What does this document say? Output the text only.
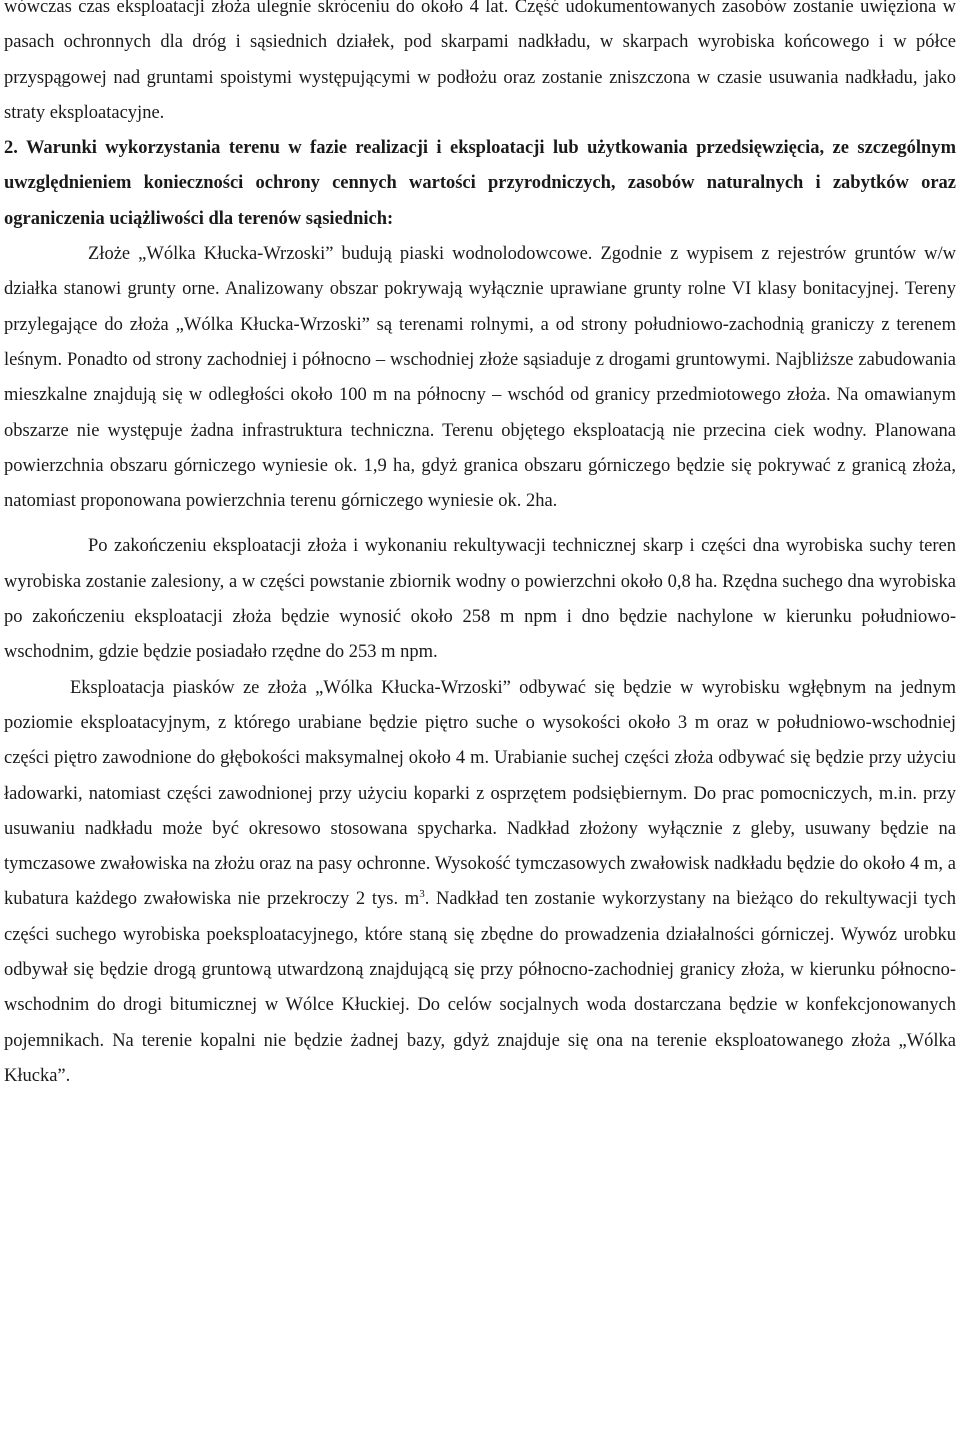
wówczas czas eksploatacji złoża ulegnie skróceniu do około 4 lat. Część udokumentowanych zasobów zostanie uwięziona w pasach ochronnych dla dróg i sąsiednich działek, pod skarpami nadkładu, w skarpach wyrobiska końcowego i w półce przyspągowej nad gruntami spoistymi występującymi w podłożu oraz zostanie zniszczona w czasie usuwania nadkładu, jako straty eksploatacyjne.

2. Warunki wykorzystania terenu w fazie realizacji i eksploatacji lub użytkowania przedsięwzięcia, ze szczególnym uwzględnieniem konieczności ochrony cennych wartości przyrodniczych, zasobów naturalnych i zabytków oraz ograniczenia uciążliwości dla terenów sąsiednich:

Złoże „Wólka Kłucka-Wrzoski” budują piaski wodnolodowcowe. Zgodnie z wypisem z rejestrów gruntów w/w działka stanowi grunty orne. Analizowany obszar pokrywają wyłącznie uprawiane grunty rolne VI klasy bonitacyjnej. Tereny przylegające do złoża „Wólka Kłucka-Wrzoski” są terenami rolnymi, a od strony południowo-zachodnią graniczy z terenem leśnym. Ponadto od strony zachodniej i północno – wschodniej złoże sąsiaduje z drogami gruntowymi. Najbliższe zabudowania mieszkalne znajdują się w odległości około 100 m na północny – wschód od granicy przedmiotowego złoża. Na omawianym obszarze nie występuje żadna infrastruktura techniczna. Terenu objętego eksploatacją nie przecina ciek wodny. Planowana powierzchnia obszaru górniczego wyniesie ok. 1,9 ha, gdyż granica obszaru górniczego będzie się pokrywać z granicą złoża, natomiast proponowana powierzchnia terenu górniczego wyniesie ok. 2ha.

Po zakończeniu eksploatacji złoża i wykonaniu rekultywacji technicznej skarp i części dna wyrobiska suchy teren wyrobiska zostanie zalesiony, a w części powstanie zbiornik wodny o powierzchni około 0,8 ha. Rzędna suchego dna wyrobiska po zakończeniu eksploatacji złoża będzie wynosić około 258 m npm i dno będzie nachylone w kierunku południowo-wschodnim, gdzie będzie posiadało rzędne do 253 m npm.

Eksploatacja piasków ze złoża „Wólka Kłucka-Wrzoski” odbywać się będzie w wyrobisku wgłębnym na jednym poziomie eksploatacyjnym, z którego urabiane będzie piętro suche o wysokości około 3 m oraz w południowo-wschodniej części piętro zawodnione do głębokości maksymalnej około 4 m. Urabianie suchej części złoża odbywać się będzie przy użyciu ładowarki, natomiast części zawodnionej przy użyciu koparki z osprzętem podsiębiernym. Do prac pomocniczych, m.in. przy usuwaniu nadkładu może być okresowo stosowana spycharka. Nadkład złożony wyłącznie z gleby, usuwany będzie na tymczasowe zwałowiska na złożu oraz na pasy ochronne. Wysokość tymczasowych zwałowisk nadkładu będzie do około 4 m, a kubatura każdego zwałowiska nie przekroczy 2 tys. $m^3$. Nadkład ten zostanie wykorzystany na bieżąco do rekultywacji tych części suchego wyrobiska poeksploatacyjnego, które staną się zbędne do prowadzenia działalności górniczej. Wywóz urobku odbywał się będzie drogą gruntową utwardzoną znajdującą się przy północno-zachodniej granicy złoża, w kierunku północno-wschodnim do drogi bitumicznej w Wólce Kłuckiej. Do celów socjalnych woda dostarczana będzie w konfekcjonowanych pojemnikach. Na terenie kopalni nie będzie żadnej bazy, gdyż znajduje się ona na terenie eksploatowanego złoża „Wólka Kłucka”.
